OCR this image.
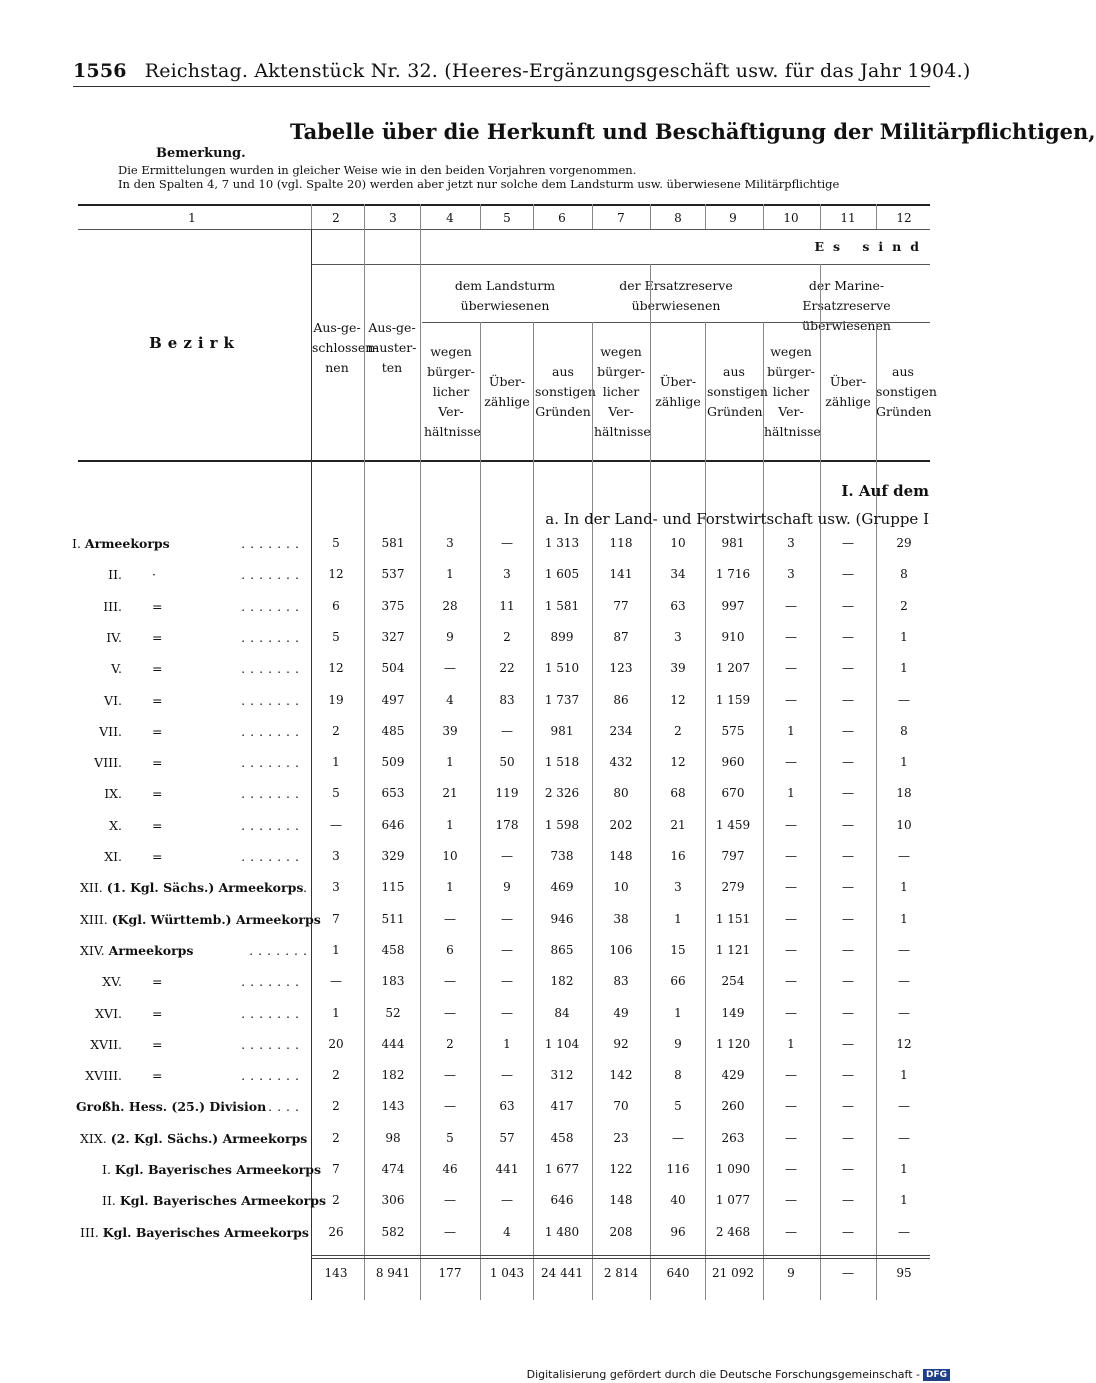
1556 Reichstag. Aktenstück Nr. 32. (Heeres-Ergänzungsgeschäft usw. für das Jahr 1904.)
Tabelle über die Herkunft und Beschäftigung der Militärpflichtigen,
Bemerkung.
Die Ermittelungen wurden in gleicher Weise wie in den beiden Vorjahren vorgenommen.
In den Spalten 4, 7 und 10 (vgl. Spalte 20) werden aber jetzt nur solche dem Landsturm usw. überwiesene Militärpflichtige
1	2	3	4	5	6	7	8	9	10	11	12
Es sind
Bezirk
Aus-ge-schlossen-nen
Aus-ge-muster-ten
dem Landsturm überwiesenen
der Ersatzreserve überwiesenen
der Marine-Ersatzreserve überwiesenen
wegen bürger-licher Ver-hältnisse
Über-zählige
aus sonstigen Gründen
wegen bürger-licher Ver-hältnisse
Über-zählige
aus sonstigen Gründen
wegen bürger-licher Ver-hältnisse
Über-zählige
aus sonstigen Gründen
I. Auf dem
a. In der Land- und Forstwirtschaft usw. (Gruppe I
I. Armeekorps	.......	5	581	3	—	1 313	118	10	981	3	—	29
II. ·	.......	12	537	1	3	1 605	141	34	1 716	3	—	8
III. =	.......	6	375	28	11	1 581	77	63	997	—	—	2
IV. =	.......	5	327	9	2	899	87	3	910	—	—	1
V. =	.......	12	504	—	22	1 510	123	39	1 207	—	—	1
VI. =	.......	19	497	4	83	1 737	86	12	1 159	—	—	—
VII. =	.......	2	485	39	—	981	234	2	575	1	—	8
VIII. =	.......	1	509	1	50	1 518	432	12	960	—	—	1
IX. =	.......	5	653	21	119	2 326	80	68	670	1	—	18
X. =	.......	—	646	1	178	1 598	202	21	1 459	—	—	10
XI. =	.......	3	329	10	—	738	148	16	797	—	—	—
XII. (1. Kgl. Sächs.) Armeekorps .	3	115	1	9	469	10	3	279	—	—	1
XIII. (Kgl. Württemb.) Armeekorps 7	511	—	—	946	38	1	1 151	—	—	1
XIV. Armeekorps	.......	1	458	6	—	865	106	15	1 121	—	—	—
XV. =	.......	—	183	—	—	182	83	66	254	—	—	—
XVI. =	.......	1	52	—	—	84	49	1	149	—	—	—
XVII. =	.......	20	444	2	1	1 104	92	9	1 120	1	—	12
XVIII. =	.......	2	182	—	—	312	142	8	429	—	—	1
Großh. Hess. (25.) Division ....	2	143	—	63	417	70	5	260	—	—	—
XIX. (2. Kgl. Sächs.) Armeekorps	2	98	5	57	458	23	—	263	—	—	—
I. Kgl. Bayerisches Armeekorps 7	474	46	441	1 677	122	116	1 090	—	—	1
II. Kgl. Bayerisches Armeekorps 2	306	—	—	646	148	40	1 077	—	—	1
III. Kgl. Bayerisches Armeekorps	26	582	—	4	1 480	208	96	2 468	—	—	—
143	8 941	177	1 043	24 441	2 814	640	21 092	9	—	95
Digitalisierung gefördert durch die Deutsche Forschungsgemeinschaft - DFG
